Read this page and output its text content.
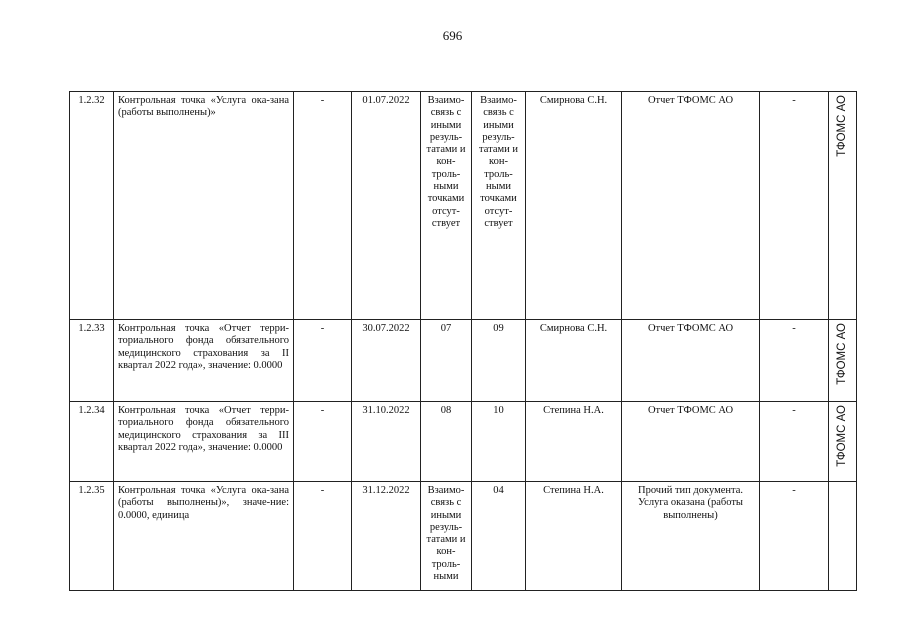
696
1.2.32	Контрольная точка «Услуга ока-зана (работы выполнены)»	-	01.07.2022	Взаимо-связь с иными резуль-татами и кон-троль-ными точками отсут-ствует	Взаимо-связь с иными резуль-татами и кон-троль-ными точками отсут-ствует	Смирнова С.Н.	Отчет ТФОМС АО	-	ТФОМС АО

1.2.33	Контрольная точка «Отчет терри-ториального фонда обязательного медицинского страхования за II квартал 2022 года», значение: 0.0000	-	30.07.2022	07	09	Смирнова С.Н.	Отчет ТФОМС АО	-	ТФОМС АО

1.2.34	Контрольная точка «Отчет терри-ториального фонда обязательного медицинского страхования за III квартал 2022 года», значение: 0.0000	-	31.10.2022	08	10	Степина Н.А.	Отчет ТФОМС АО	-	ТФОМС АО

1.2.35	Контрольная точка «Услуга ока-зана (работы выполнены)», значе-ние: 0.0000, единица	-	31.12.2022	Взаимо-связь с иными резуль-татами и кон-троль-ными	04	Степина Н.А.	Прочий тип документа. Услуга оказана (работы выполнены)	-	
